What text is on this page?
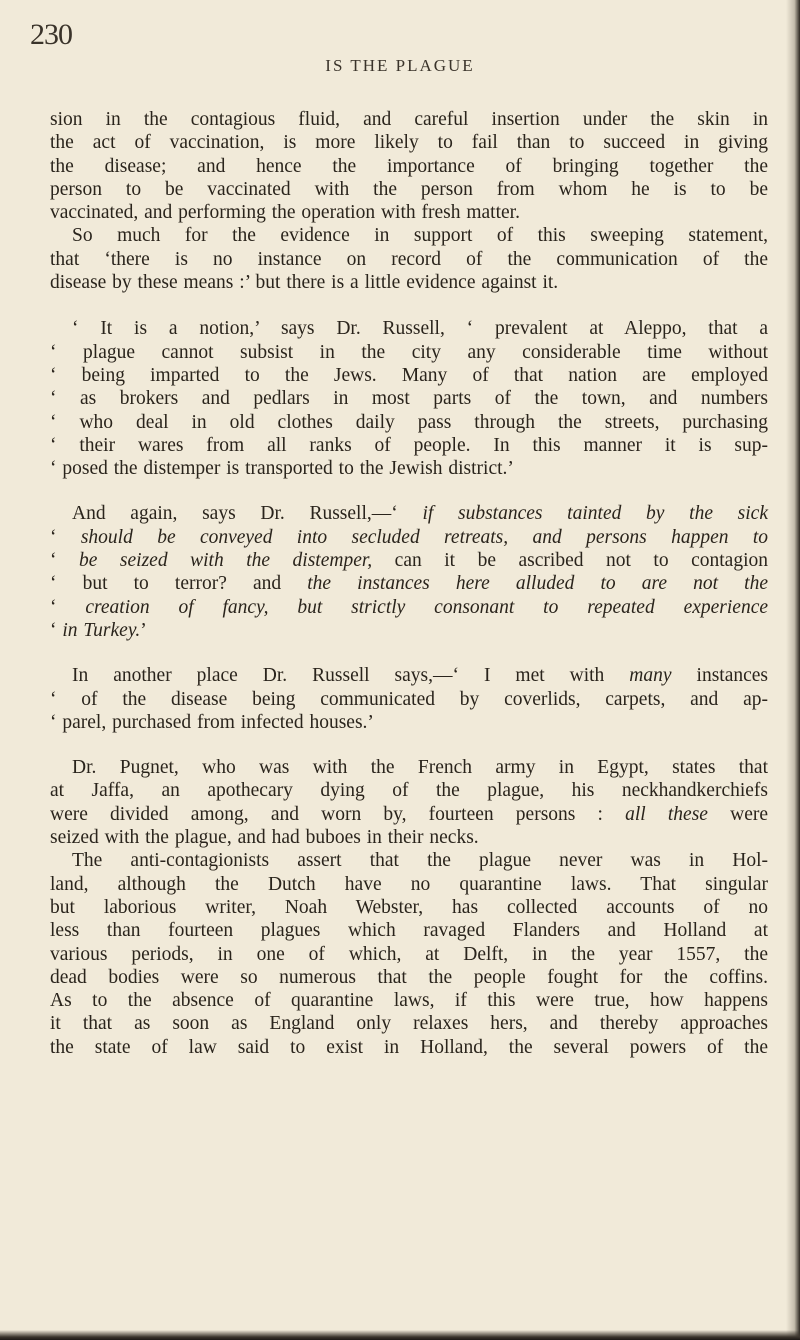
230
IS THE PLAGUE
sion in the contagious fluid, and careful insertion under the skin in
the act of vaccination, is more likely to fail than to succeed in giving
the disease; and hence the importance of bringing together the
person to be vaccinated with the person from whom he is to be
vaccinated, and performing the operation with fresh matter.
So much for the evidence in support of this sweeping statement,
that ‘there is no instance on record of the communication of the
disease by these means :’ but there is a little evidence against it.
‘ It is a notion,’ says Dr. Russell, ‘ prevalent at Aleppo, that a
‘ plague cannot subsist in the city any considerable time without
‘ being imparted to the Jews. Many of that nation are employed
‘ as brokers and pedlars in most parts of the town, and numbers
‘ who deal in old clothes daily pass through the streets, purchasing
‘ their wares from all ranks of people. In this manner it is sup-
‘ posed the distemper is transported to the Jewish district.’
And again, says Dr. Russell,—‘ if substances tainted by the sick
‘ should be conveyed into secluded retreats, and persons happen to
‘ be seized with the distemper, can it be ascribed not to contagion
‘ but to terror? and the instances here alluded to are not the
‘ creation of fancy, but strictly consonant to repeated experience
‘ in Turkey.’
In another place Dr. Russell says,—‘ I met with many instances
‘ of the disease being communicated by coverlids, carpets, and ap-
‘ parel, purchased from infected houses.’
Dr. Pugnet, who was with the French army in Egypt, states that
at Jaffa, an apothecary dying of the plague, his neckhandkerchiefs
were divided among, and worn by, fourteen persons : all these were
seized with the plague, and had buboes in their necks.
The anti-contagionists assert that the plague never was in Hol-
land, although the Dutch have no quarantine laws. That singular
but laborious writer, Noah Webster, has collected accounts of no
less than fourteen plagues which ravaged Flanders and Holland at
various periods, in one of which, at Delft, in the year 1557, the
dead bodies were so numerous that the people fought for the coffins.
As to the absence of quarantine laws, if this were true, how happens
it that as soon as England only relaxes hers, and thereby approaches
the state of law said to exist in Holland, the several powers of the
